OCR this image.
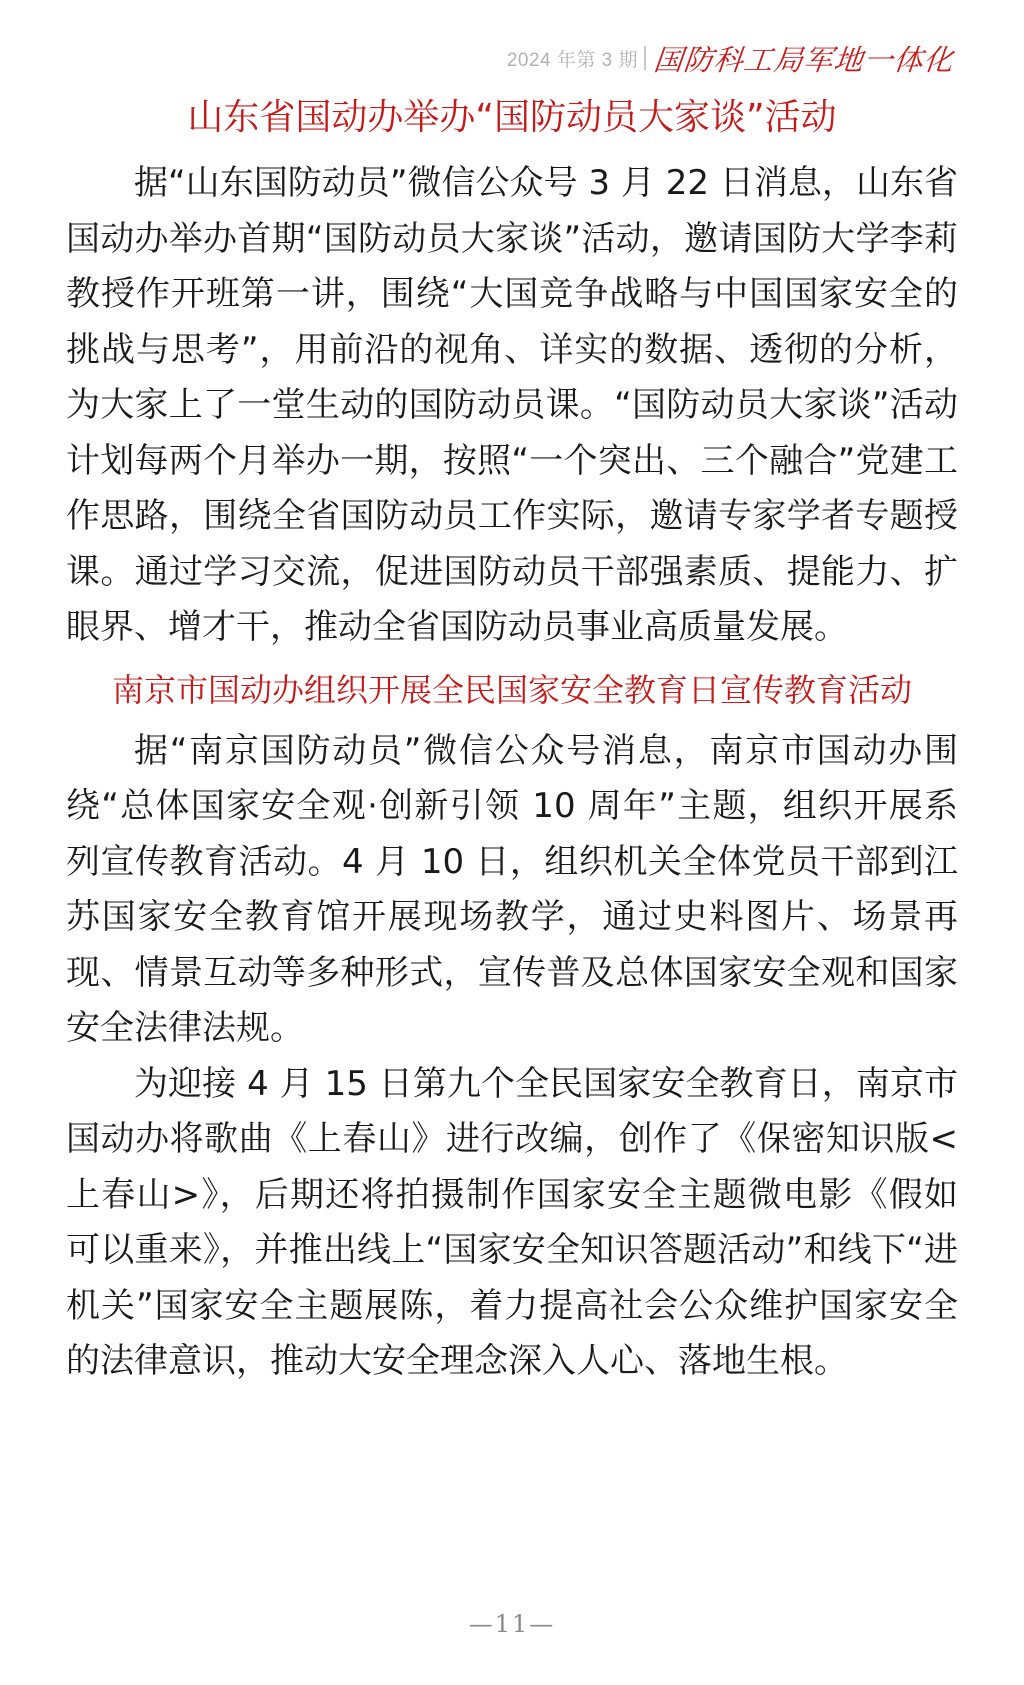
2024 年第 3 期 国防科工局军地一体化
山东省国动办举办“国防动员大家谈”活动

据“山东国防动员”微信公众号 3 月 22 日消息，山东省国动办举办首期“国防动员大家谈”活动，邀请国防大学李莉教授作开班第一讲，围绕“大国竞争战略与中国国家安全的挑战与思考”，用前沿的视角、详实的数据、透彻的分析，为大家上了一堂生动的国防动员课。“国防动员大家谈”活动计划每两个月举办一期，按照“一个突出、三个融合”党建工作思路，围绕全省国防动员工作实际，邀请专家学者专题授课。通过学习交流，促进国防动员干部强素质、提能力、扩眼界、增才干，推动全省国防动员事业高质量发展。

南京市国动办组织开展全民国家安全教育日宣传教育活动

据“南京国防动员”微信公众号消息，南京市国动办围绕“总体国家安全观·创新引领 10 周年”主题，组织开展系列宣传教育活动。4 月 10 日，组织机关全体党员干部到江苏国家安全教育馆开展现场教学，通过史料图片、场景再现、情景互动等多种形式，宣传普及总体国家安全观和国家安全法律法规。

为迎接 4 月 15 日第九个全民国家安全教育日，南京市国动办将歌曲《上春山》进行改编，创作了《保密知识版<上春山>》，后期还将拍摄制作国家安全主题微电影《假如可以重来》，并推出线上“国家安全知识答题活动”和线下“进机关”国家安全主题展陈，着力提高社会公众维护国家安全的法律意识，推动大安全理念深入人心、落地生根。

—11—
